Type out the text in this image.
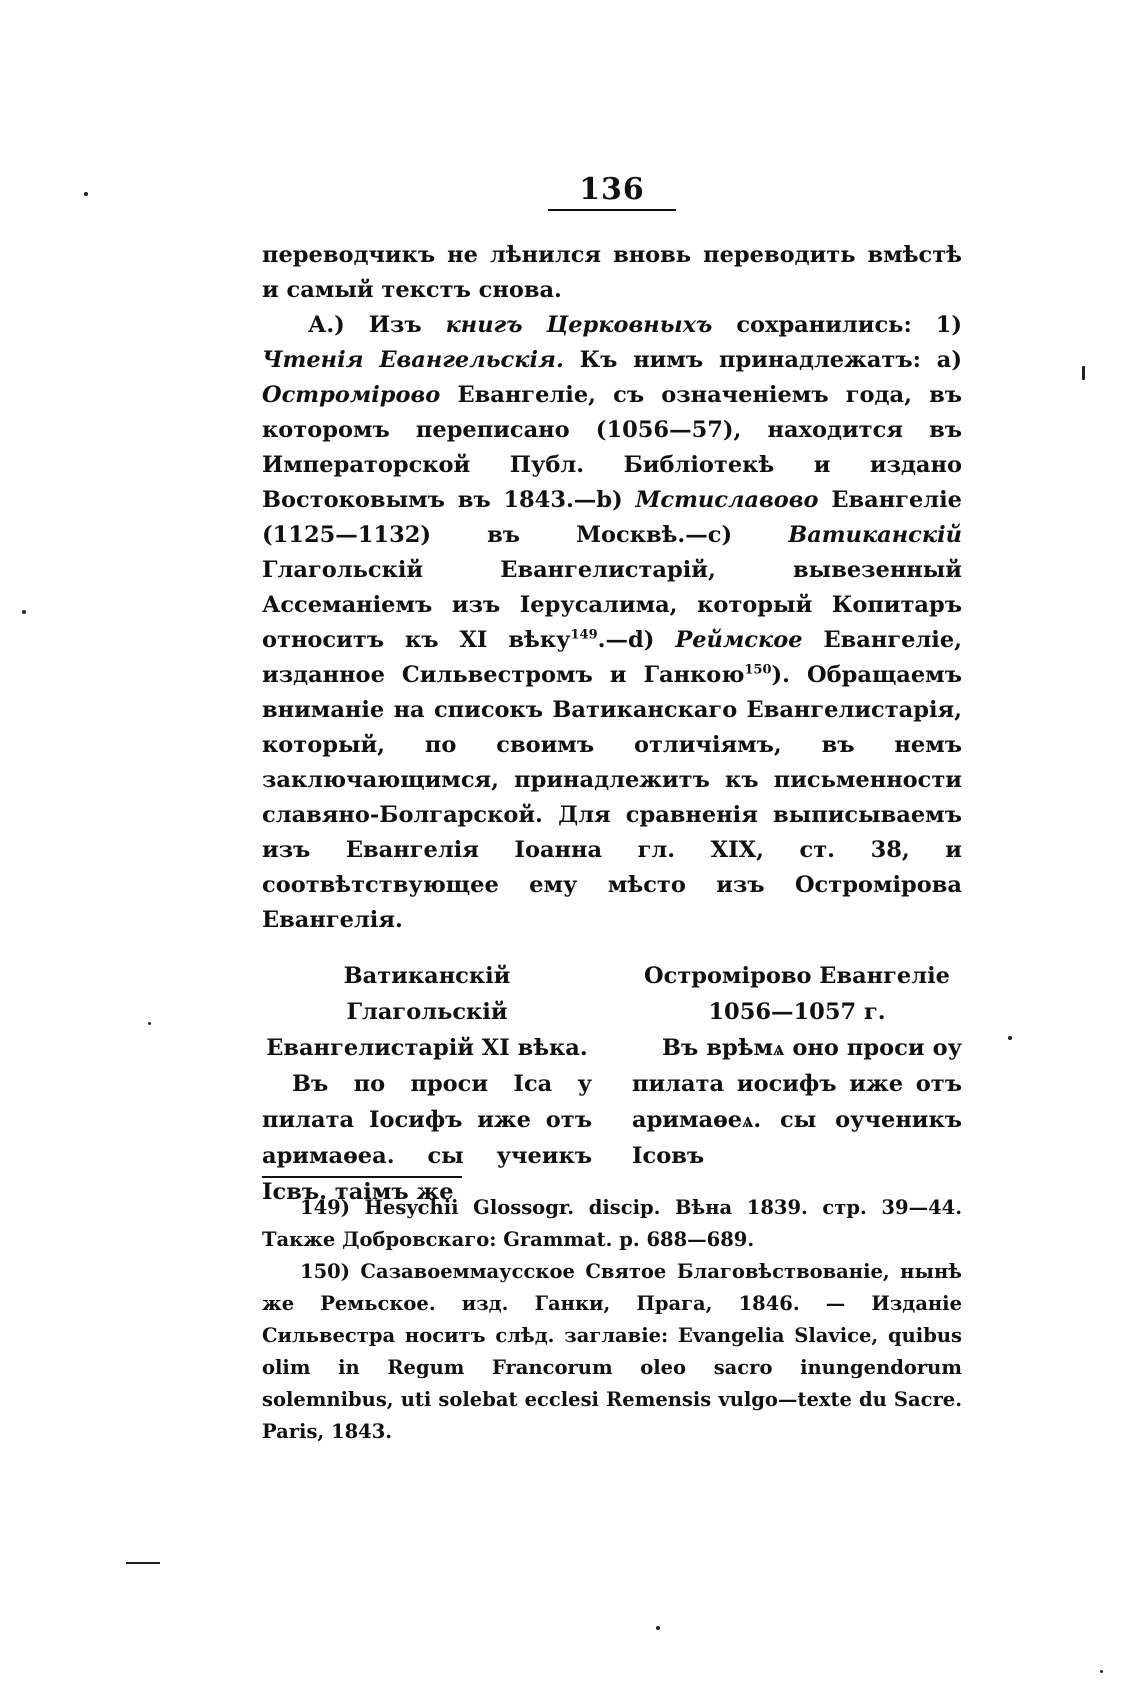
136

переводчикъ не лѣнился вновь переводить вмѣстѣ и самый текстъ снова.

А.) Изъ книгъ Церковныхъ сохранились: 1) Чтенія Евангельскія. Къ нимъ принадлежатъ: а) Остромірово Евангеліе, съ означеніемъ года, въ которомъ переписано (1056—57), находится въ Императорской Публ. Библіотекѣ и издано Востоковымъ въ 1843.—b) Мстиславово Евангеліе (1125—1132) въ Москвѣ.—c) Ватиканскій Глагольскій Евангелистарій, вывезенный Ассеманіемъ изъ Іерусалима, который Копитаръ относитъ къ XI вѣку$^{149}$.—d) Реймское Евангеліе, изданное Сильвестромъ и Ганкою$^{150}$). Обращаемъ вниманіе на списокъ Ватиканскаго Евангелистарія, который, по своимъ отличіямъ, въ немъ заключающимся, принадлежитъ къ письменности славяно-Болгарской. Для сравненія выписываемъ изъ Евангелія Іоанна гл. XIX, ст. 38, и соотвѣтствующее ему мѣсто изъ Остромірова Евангелія.

Ватиканскій Глагольскій
Евангелистарій XI вѣка.
Въ по проси Іса у пилата Іосифъ иже отъ аримаѳеа. сы учеикъ Ісвъ. таімъ же
Остромірово Евангеліе
1056—1057 г.
Въ врѣмѧ оно проси оу пилата иосифъ иже отъ аримаѳеѧ. сы оученикъ Ісовъ

149) Hesychii Glossogr. discip. Вѣна 1839. стр. 39—44. Также Добровскаго: Grammat. p. 688—689.

150) Сазавоеммаусское Святое Благовѣствованіе, нынѣ же Ремьское. изд. Ганки, Прага, 1846. — Изданіе Сильвестра носитъ слѣд. заглавіе: Evangelia Slavice, quibus olim in Regum Francorum oleo sacro inungendorum solemnibus, uti solebat ecclesi Remensis vulgo—texte du Sacre. Paris, 1843.
